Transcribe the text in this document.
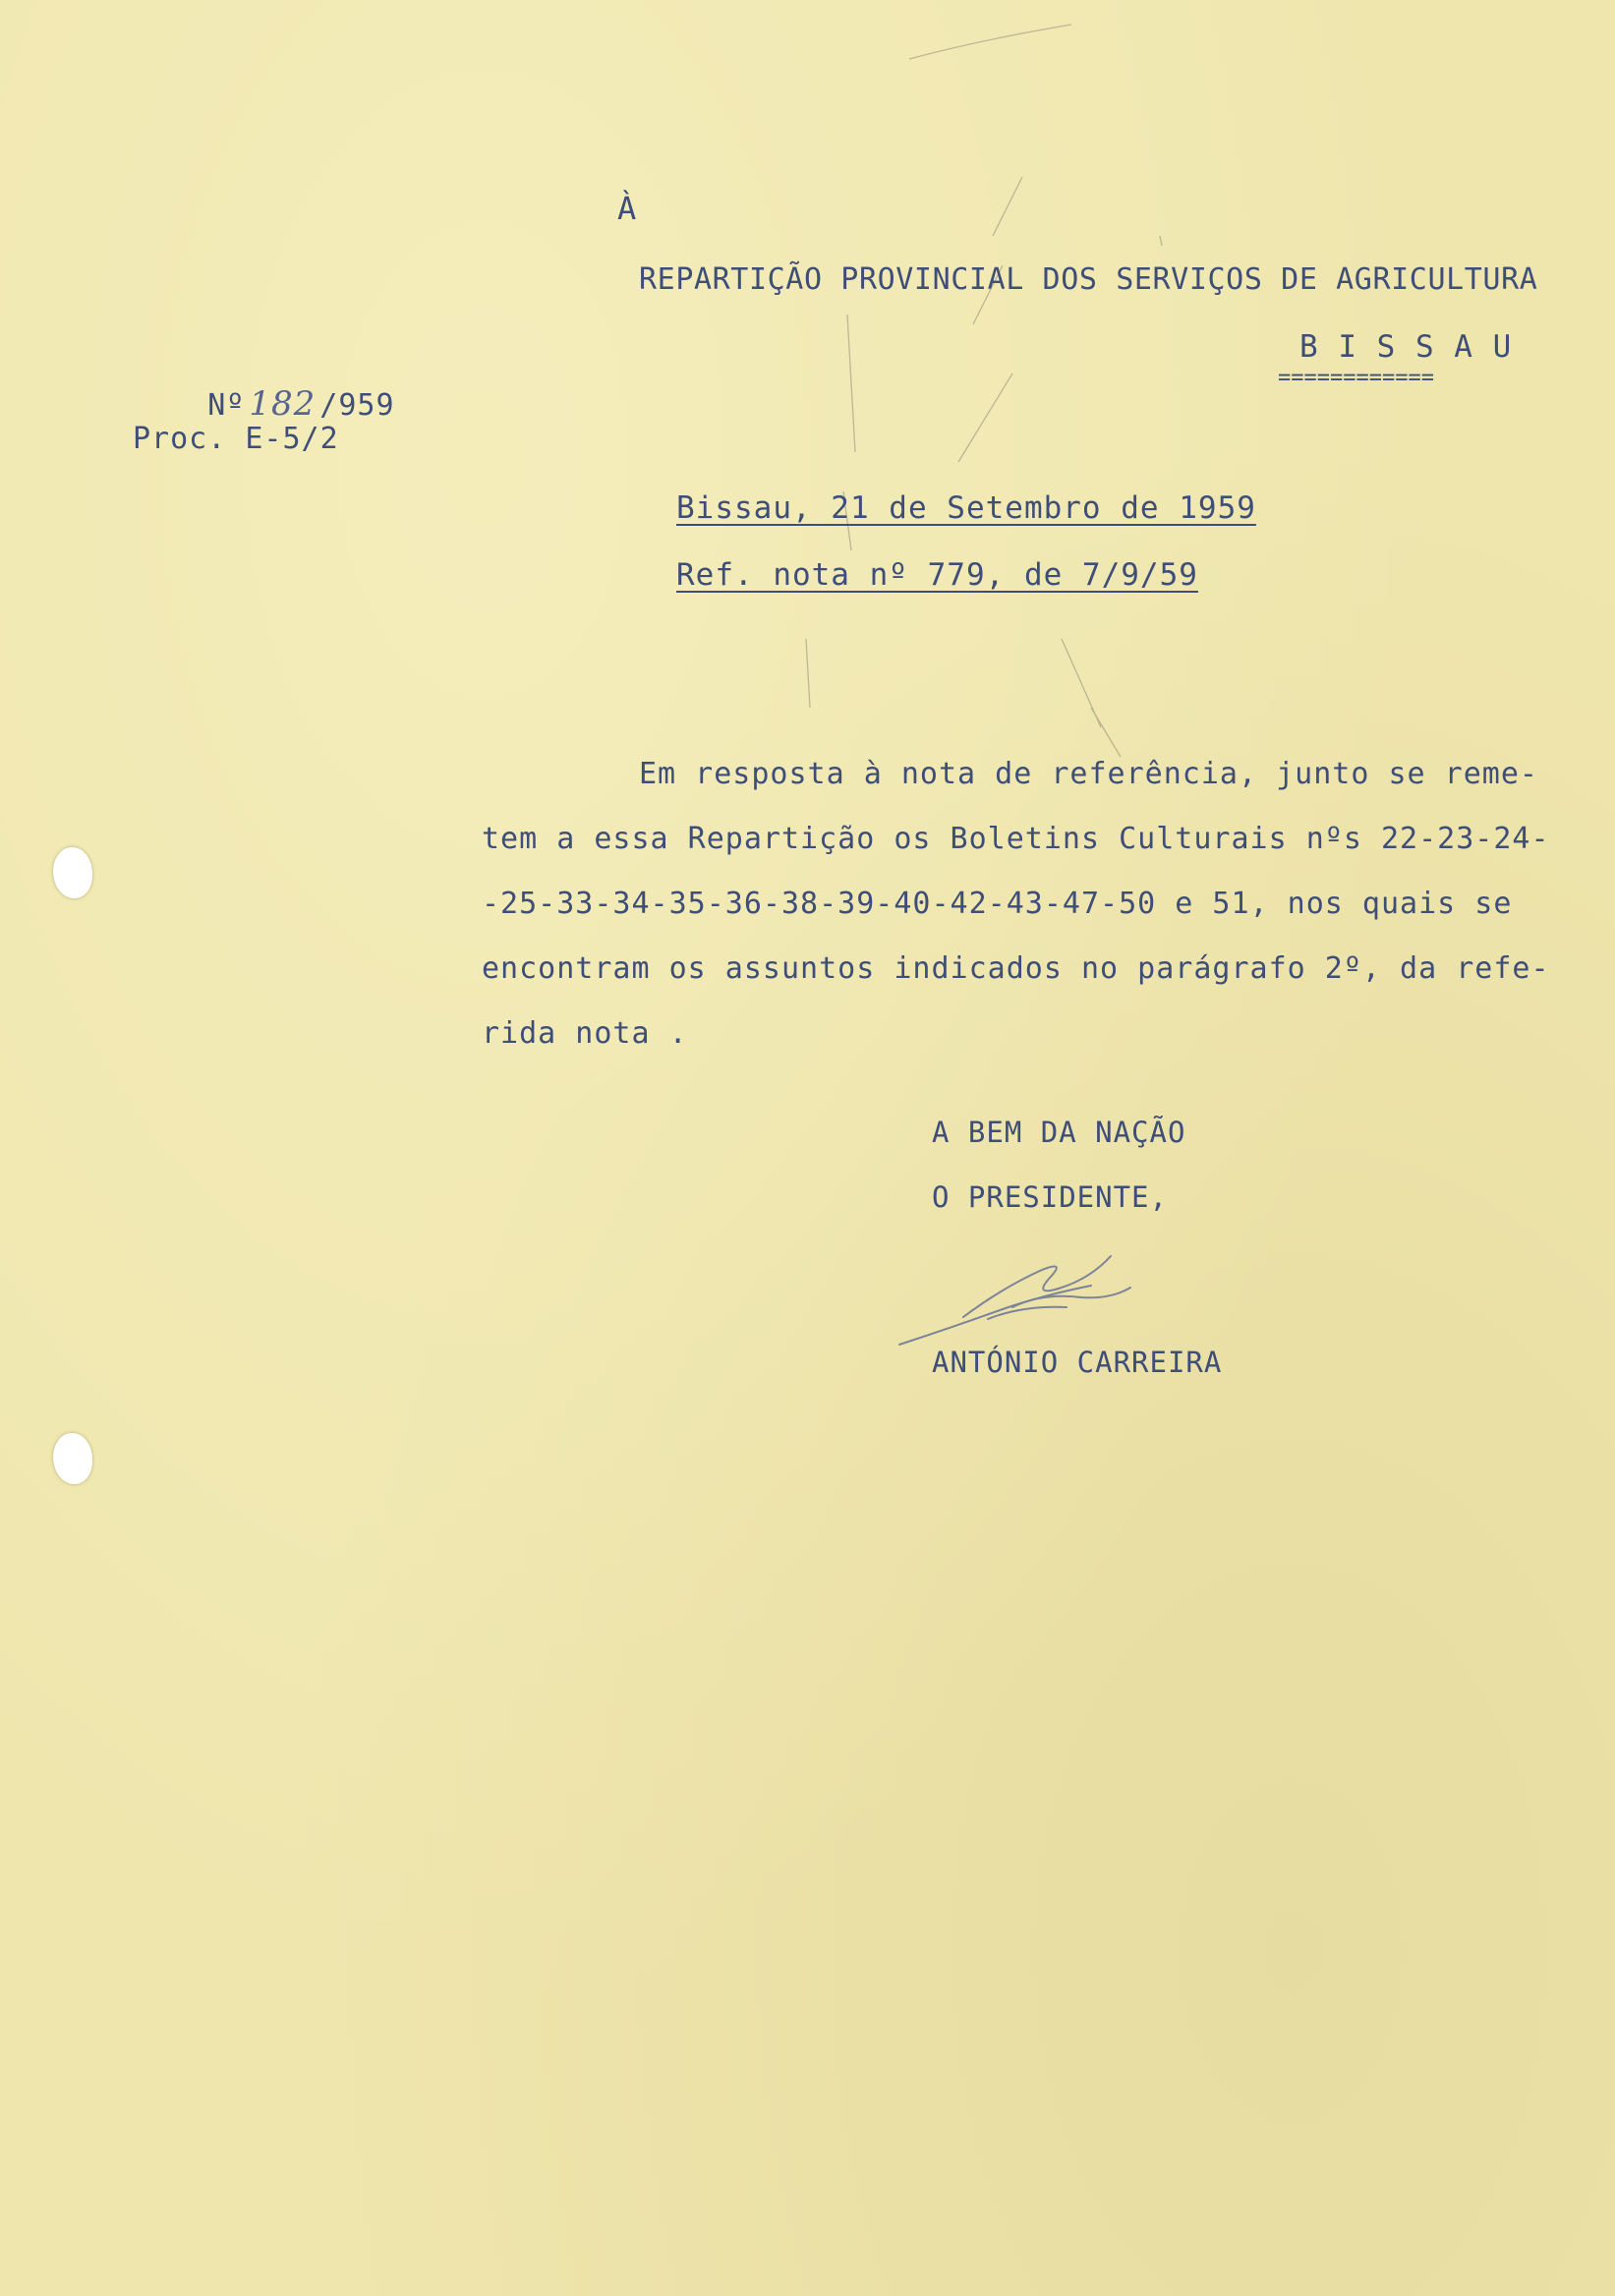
À
REPARTIÇÃO PROVINCIAL DOS SERVIÇOS DE AGRICULTURA
B I S S A U
============

Nº 182 /959

Proc. E-5/2
Bissau, 21 de Setembro de 1959
Ref. nota nº 779, de 7/9/59
Em resposta à nota de referência, junto se reme-
tem a essa Repartição os Boletins Culturais nºs 22-23-24-
-25-33-34-35-36-38-39-40-42-43-47-50 e 51, nos quais se
encontram os assuntos indicados no parágrafo 2º, da refe-
rida nota .
A BEM DA NAÇÃO
O PRESIDENTE,
ANTÓNIO CARREIRA
